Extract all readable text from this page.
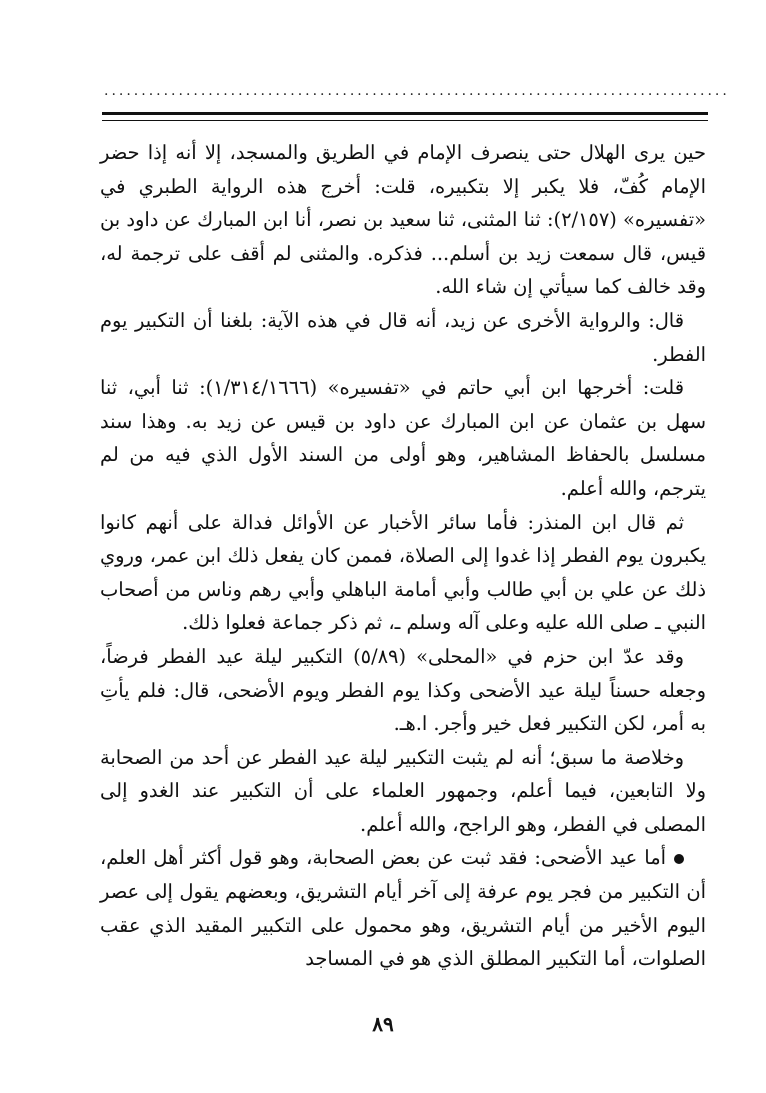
....................................................................................

حين يرى الهلال حتى ينصرف الإمام في الطريق والمسجد، إلا أنه إذا حضر الإمام كُفّ، فلا يكبر إلا بتكبيره، قلت: أخرج هذه الرواية الطبري في «تفسيره» (٢/١٥٧): ثنا المثنى، ثنا سعيد بن نصر، أنا ابن المبارك عن داود بن قيس، قال سمعت زيد بن أسلم... فذكره. والمثنى لم أقف على ترجمة له، وقد خالف كما سيأتي إن شاء الله.

قال: والرواية الأخرى عن زيد، أنه قال في هذه الآية: بلغنا أن التكبير يوم الفطر.

قلت: أخرجها ابن أبي حاتم في «تفسيره» (١/٣١٤/١٦٦٦): ثنا أبي، ثنا سهل بن عثمان عن ابن المبارك عن داود بن قيس عن زيد به. وهذا سند مسلسل بالحفاظ المشاهير، وهو أولى من السند الأول الذي فيه من لم يترجم، والله أعلم.

ثم قال ابن المنذر: فأما سائر الأخبار عن الأوائل فدالة على أنهم كانوا يكبرون يوم الفطر إذا غدوا إلى الصلاة، فممن كان يفعل ذلك ابن عمر، وروي ذلك عن علي بن أبي طالب وأبي أمامة الباهلي وأبي رهم وناس من أصحاب النبي ـ صلى الله عليه وعلى آله وسلم ـ، ثم ذكر جماعة فعلوا ذلك.

وقد عدّ ابن حزم في «المحلى» (٥/٨٩) التكبير ليلة عيد الفطر فرضاً، وجعله حسناً ليلة عيد الأضحى وكذا يوم الفطر ويوم الأضحى، قال: فلم يأتِ به أمر، لكن التكبير فعل خير وأجر. ا.هـ.

وخلاصة ما سبق؛ أنه لم يثبت التكبير ليلة عيد الفطر عن أحد من الصحابة ولا التابعين، فيما أعلم، وجمهور العلماء على أن التكبير عند الغدو إلى المصلى في الفطر، وهو الراجح، والله أعلم.

أما عيد الأضحى: فقد ثبت عن بعض الصحابة، وهو قول أكثر أهل العلم، أن التكبير من فجر يوم عرفة إلى آخر أيام التشريق، وبعضهم يقول إلى عصر اليوم الأخير من أيام التشريق، وهو محمول على التكبير المقيد الذي عقب الصلوات، أما التكبير المطلق الذي هو في المساجد

٨٩
